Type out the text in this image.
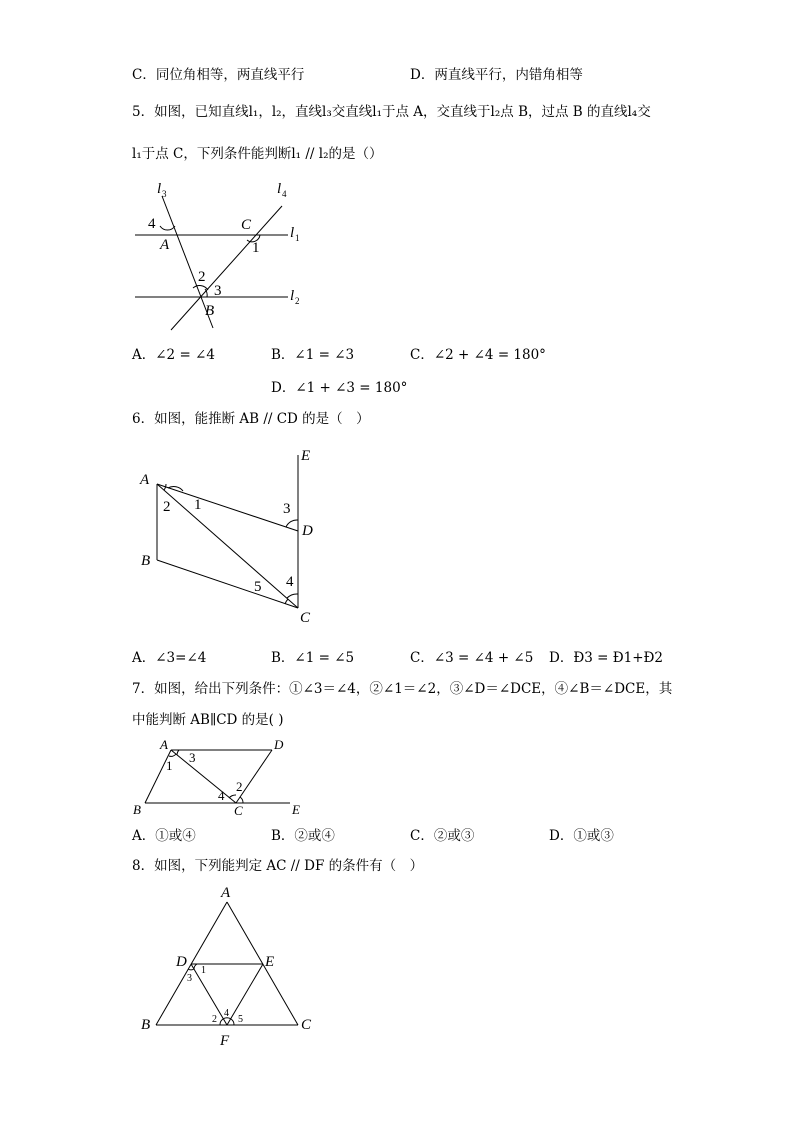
C．同位角相等，两直线平行	D．两直线平行，内错角相等
5．如图，已知直线l₁，l₂，直线l₃交直线l₁于点 A，交直线于l₂点 B，过点 B 的直线l₄交
l₁于点 C，下列条件能判断l₁ // l₂的是（）
l 3	l 4
l 1
l 2
4
A
C
1
2
3
B
A
B
C
D
E
1
2	3
4
5
A	D
B	C	E
1
2
3
4
A
B	C
D	E
F
1
3
2
4
5
A．∠2 = ∠4	B．∠1 = ∠3	C．∠2 + ∠4 = 180°
D．∠1 + ∠3 = 180°
6．如图，能推断 AB // CD 的是（　）
A．∠3=∠4	B．∠1 = ∠5	C．∠3 = ∠4 + ∠5 D．Ð3 = Ð1+Ð2
7．如图，给出下列条件：①∠3＝∠4，②∠1＝∠2，③∠D＝∠DCE，④∠B＝∠DCE，其
中能判断 AB∥CD 的是( )
A．①或④	B．②或④	C．②或③	D．①或③
8．如图，下列能判定 AC // DF 的条件有（　）
